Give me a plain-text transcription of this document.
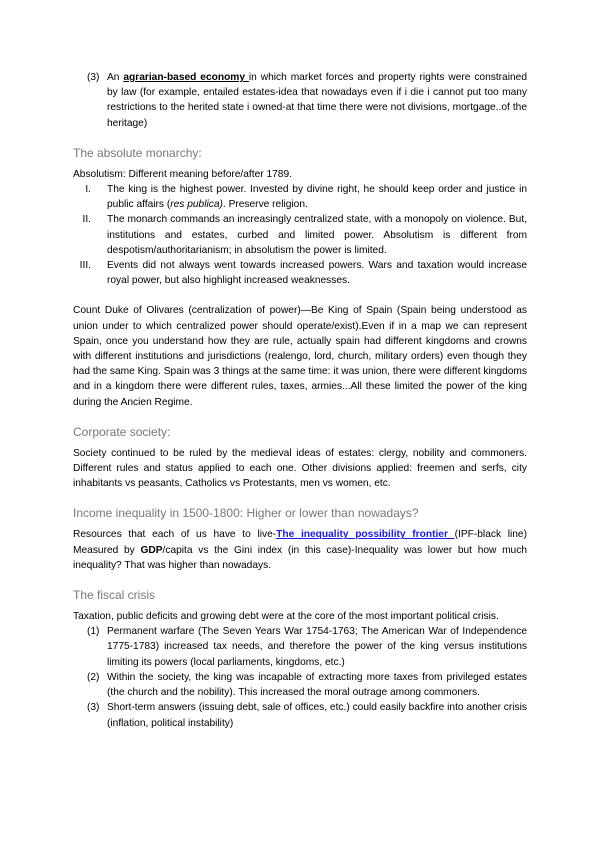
(3) An agrarian-based economy in which market forces and property rights were constrained by law (for example, entailed estates-idea that nowadays even if i die i cannot put too many restrictions to the herited state i owned-at that time there were not divisions, mortgage..of the heritage)

The absolute monarchy:

Absolutism: Different meaning before/after 1789.

I. The king is the highest power. Invested by divine right, he should keep order and justice in public affairs (res publica). Preserve religion.
II. The monarch commands an increasingly centralized state, with a monopoly on violence. But, institutions and estates, curbed and limited power. Absolutism is different from despotism/authoritarianism; in absolutism the power is limited.
III. Events did not always went towards increased powers. Wars and taxation would increase royal power, but also highlight increased weaknesses.

Count Duke of Olivares (centralization of power)—Be King of Spain (Spain being understood as union under to which centralized power should operate/exist).Even if in a map we can represent Spain, once you understand how they are rule, actually spain had different kingdoms and crowns with different institutions and jurisdictions (realengo, lord, church, military orders) even though they had the same King. Spain was 3 things at the same time: it was union, there were different kingdoms and in a kingdom there were different rules, taxes, armies...All these limited the power of the king during the Ancien Regime.

Corporate society:

Society continued to be ruled by the medieval ideas of estates: clergy, nobility and commoners. Different rules and status applied to each one. Other divisions applied: freemen and serfs, city inhabitants vs peasants, Catholics vs Protestants, men vs women, etc.

Income inequality in 1500-1800: Higher or lower than nowadays?

Resources that each of us have to live-The inequality possibility frontier (IPF-black line) Measured by GDP/capita vs the Gini index (in this case)-Inequality was lower but how much inequality? That was higher than nowadays.

The fiscal crisis

Taxation, public deficits and growing debt were at the core of the most important political crisis.

(1) Permanent warfare (The Seven Years War 1754-1763; The American War of Independence 1775-1783) increased tax needs, and therefore the power of the king versus institutions limiting its powers (local parliaments, kingdoms, etc.)
(2) Within the society, the king was incapable of extracting more taxes from privileged estates (the church and the nobility). This increased the moral outrage among commoners.
(3) Short-term answers (issuing debt, sale of offices, etc.) could easily backfire into another crisis (inflation, political instability)
